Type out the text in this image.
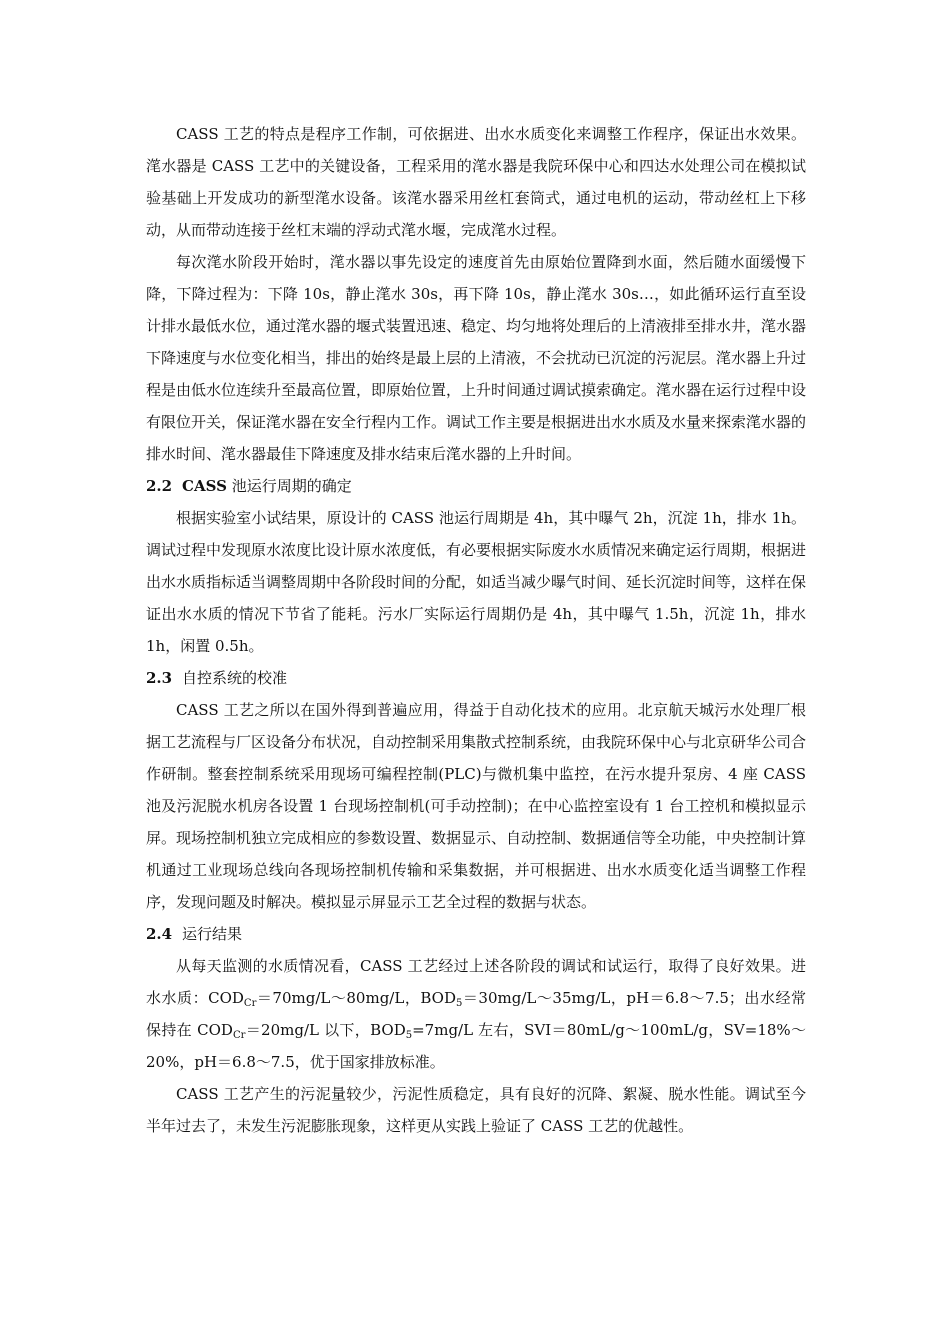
CASS 工艺的特点是程序工作制，可依据进、出水水质变化来调整工作程序，保证出水效果。滗水器是 CASS 工艺中的关键设备，工程采用的滗水器是我院环保中心和四达水处理公司在模拟试验基础上开发成功的新型滗水设备。该滗水器采用丝杠套筒式，通过电机的运动，带动丝杠上下移动，从而带动连接于丝杠末端的浮动式滗水堰，完成滗水过程。

每次滗水阶段开始时，滗水器以事先设定的速度首先由原始位置降到水面，然后随水面缓慢下降，下降过程为：下降 10s，静止滗水 30s，再下降 10s，静止滗水 30s…，如此循环运行直至设计排水最低水位，通过滗水器的堰式装置迅速、稳定、均匀地将处理后的上清液排至排水井，滗水器下降速度与水位变化相当，排出的始终是最上层的上清液，不会扰动已沉淀的污泥层。滗水器上升过程是由低水位连续升至最高位置，即原始位置，上升时间通过调试摸索确定。滗水器在运行过程中设有限位开关，保证滗水器在安全行程内工作。调试工作主要是根据进出水水质及水量来探索滗水器的排水时间、滗水器最佳下降速度及排水结束后滗水器的上升时间。

2.2 CASS 池运行周期的确定

根据实验室小试结果，原设计的 CASS 池运行周期是 4h，其中曝气 2h，沉淀 1h，排水 1h。调试过程中发现原水浓度比设计原水浓度低，有必要根据实际废水水质情况来确定运行周期，根据进出水水质指标适当调整周期中各阶段时间的分配，如适当减少曝气时间、延长沉淀时间等，这样在保证出水水质的情况下节省了能耗。污水厂实际运行周期仍是 4h，其中曝气 1.5h，沉淀 1h，排水 1h，闲置 0.5h。

2.3 自控系统的校准

CASS 工艺之所以在国外得到普遍应用，得益于自动化技术的应用。北京航天城污水处理厂根据工艺流程与厂区设备分布状况，自动控制采用集散式控制系统，由我院环保中心与北京研华公司合作研制。整套控制系统采用现场可编程控制(PLC)与微机集中监控，在污水提升泵房、4 座 CASS 池及污泥脱水机房各设置 1 台现场控制机(可手动控制)；在中心监控室设有 1 台工控机和模拟显示屏。现场控制机独立完成相应的参数设置、数据显示、自动控制、数据通信等全功能，中央控制计算机通过工业现场总线向各现场控制机传输和采集数据，并可根据进、出水水质变化适当调整工作程序，发现问题及时解决。模拟显示屏显示工艺全过程的数据与状态。

2.4 运行结果

从每天监测的水质情况看，CASS 工艺经过上述各阶段的调试和试运行，取得了良好效果。进水水质：$COD_{Cr}=70mg/L\sim 80mg/L$，$BOD_5=30mg/L\sim 35mg/L$，pH＝6.8～7.5；出水经常保持在 $COD_{Cr}=20mg/L$ 以下，$BOD_5=7mg/L$ 左右，SVI＝80mL/g～100mL/g，SV=18%～20%，pH＝6.8～7.5，优于国家排放标准。

CASS 工艺产生的污泥量较少，污泥性质稳定，具有良好的沉降、絮凝、脱水性能。调试至今半年过去了，未发生污泥膨胀现象，这样更从实践上验证了 CASS 工艺的优越性。
